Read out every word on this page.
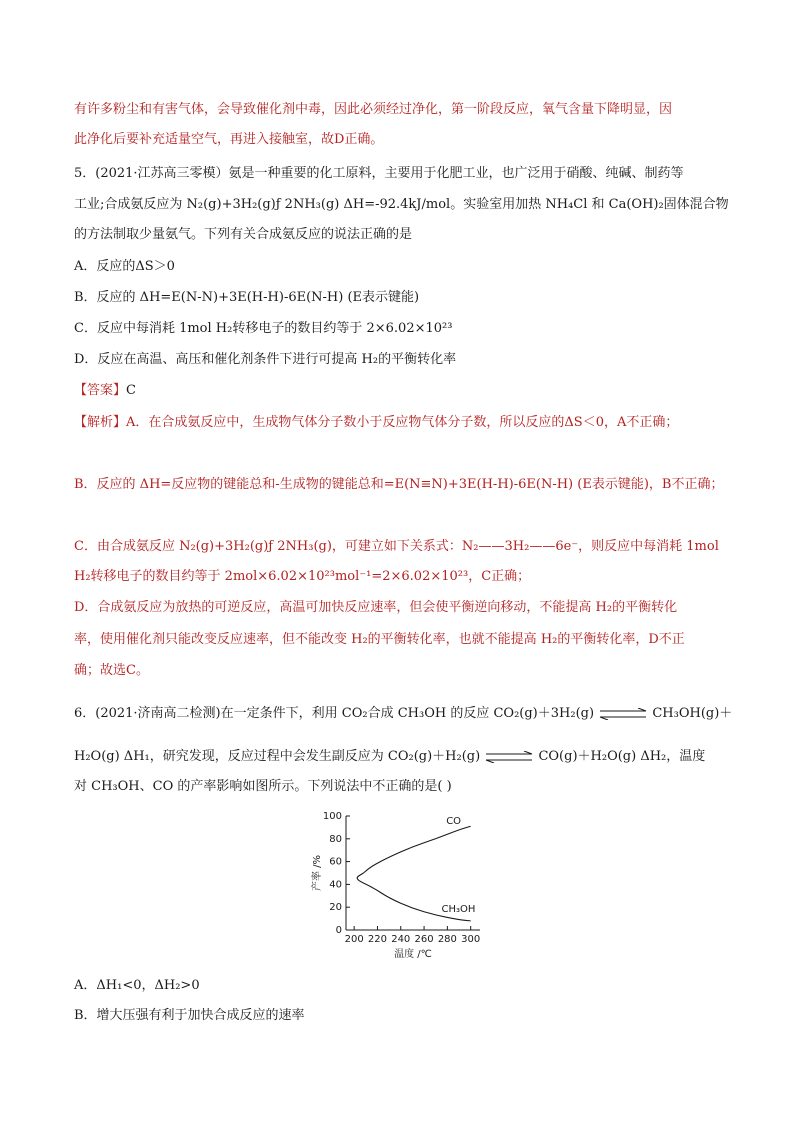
有许多粉尘和有害气体，会导致催化剂中毒，因此必须经过净化，第一阶段反应，氧气含量下降明显，因
此净化后要补充适量空气，再进入接触室，故D正确。
5．(2021·江苏高三零模）氨是一种重要的化工原料，主要用于化肥工业，也广泛用于硝酸、纯碱、制药等
工业;合成氨反应为 N₂(g)+3H₂(g)ƒ 2NH₃(g) ΔH=-92.4kJ/mol。实验室用加热 NH₄Cl 和 Ca(OH)₂固体混合物
的方法制取少量氨气。下列有关合成氨反应的说法正确的是
A．反应的ΔS＞0
B．反应的 ΔH=E(N-N)+3E(H-H)-6E(N-H) (E表示键能)
C．反应中每消耗 1mol H₂转移电子的数目约等于 2×6.02×10²³
D．反应在高温、高压和催化剂条件下进行可提高 H₂的平衡转化率
【答案】C
【解析】A．在合成氨反应中，生成物气体分子数小于反应物气体分子数，所以反应的ΔS＜0，A不正确；
B．反应的 ΔH=反应物的键能总和-生成物的键能总和=E(N≡N)+3E(H-H)-6E(N-H) (E表示键能)，B不正确；
C．由合成氨反应 N₂(g)+3H₂(g)ƒ 2NH₃(g)，可建立如下关系式：N₂——3H₂——6e⁻，则反应中每消耗 1mol
H₂转移电子的数目约等于 2mol×6.02×10²³mol⁻¹=2×6.02×10²³，C正确；
D．合成氨反应为放热的可逆反应，高温可加快反应速率，但会使平衡逆向移动，不能提高 H₂的平衡转化
率，使用催化剂只能改变反应速率，但不能改变 H₂的平衡转化率，也就不能提高 H₂的平衡转化率，D不正
确；故选C。
6．(2021·济南高二检测)在一定条件下，利用 CO₂合成 CH₃OH 的反应 CO₂(g)＋3H₂(g) ⇌ CH₃OH(g)＋
H₂O(g) ΔH₁，研究发现，反应过程中会发生副反应为 CO₂(g)＋H₂(g) ⇌ CO(g)＋H₂O(g) ΔH₂，温度
对 CH₃OH、CO 的产率影响如图所示。下列说法中不正确的是( )
0
20
40
60
80
100
200 220 240 260 280 300
温度 /℃
产率 /%
CO
CH₃OH
A．ΔH₁<0，ΔH₂>0
B．增大压强有利于加快合成反应的速率
